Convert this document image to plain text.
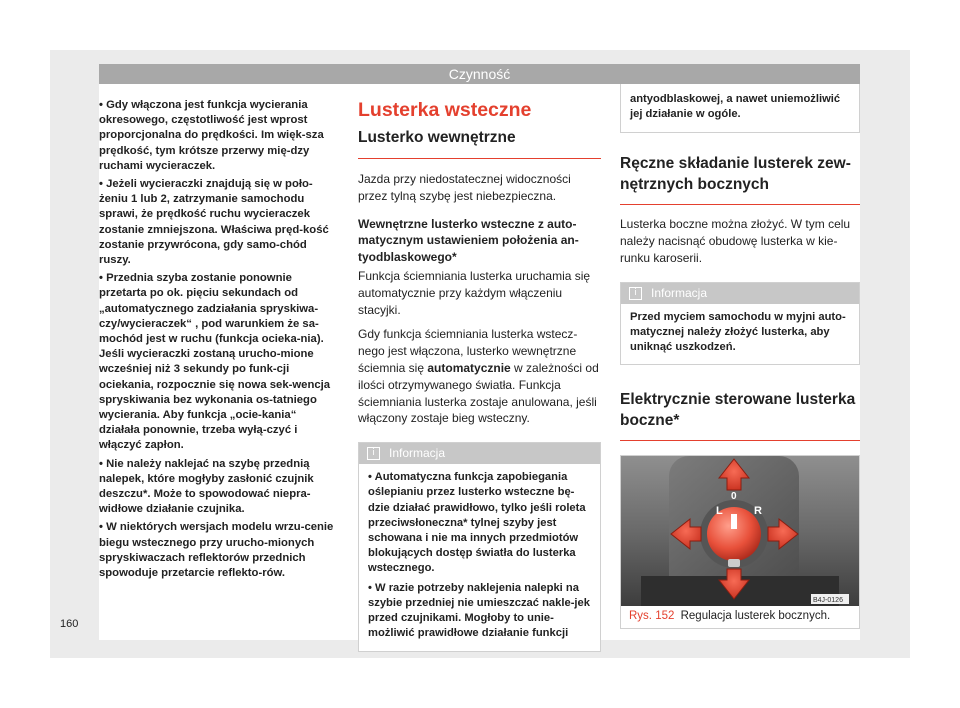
Czynność

• Gdy włączona jest funkcja wycierania okresowego, częstotliwość jest wprost proporcjonalna do prędkości. Im więk-sza prędkość, tym krótsze przerwy mię-dzy ruchami wycieraczek.

• Jeżeli wycieraczki znajdują się w poło-żeniu 1 lub 2, zatrzymanie samochodu sprawi, że prędkość ruchu wycieraczek zostanie zmniejszona. Właściwa pręd-kość zostanie przywrócona, gdy samo-chód ruszy.

• Przednia szyba zostanie ponownie przetarta po ok. pięciu sekundach od „automatycznego zadziałania spryskiwa-czy/wycieraczek“ , pod warunkiem że sa-mochód jest w ruchu (funkcja ocieka-nia). Jeśli wycieraczki zostaną urucho-mione wcześniej niż 3 sekundy po funk-cji ociekania, rozpocznie się nowa sek-wencja spryskiwania bez wykonania os-tatniego wycierania. Aby funkcja „ocie-kania“ działała ponownie, trzeba wyłą-czyć i włączyć zapłon.

• Nie należy naklejać na szybę przednią nalepek, które mogłyby zasłonić czujnik deszczu*. Może to spowodować niepra-widłowe działanie czujnika.

• W niektórych wersjach modelu wrzu-cenie biegu wstecznego przy urucho-mionych spryskiwaczach reflektorów przednich spowoduje przetarcie reflekto-rów.

Lusterka wsteczne
Lusterko wewnętrzne
Jazda przy niedostatecznej widoczności przez tylną szybę jest niebezpieczna.
Wewnętrzne lusterko wsteczne z auto-matycznym ustawieniem położenia an-tyodblaskowego*
Funkcja ściemniania lusterka uruchamia się automatycznie przy każdym włączeniu stacyjki.
Gdy funkcja ściemniania lusterka wstecz-nego jest włączona, lusterko wewnętrzne ściemnia się automatycznie w zależności od ilości otrzymywanego światła. Funkcja ściemniania lusterka zostaje anulowana, jeśli włączony zostaje bieg wsteczny.
i	Informacja

• Automatyczna funkcja zapobiegania oślepianiu przez lusterko wsteczne bę-dzie działać prawidłowo, tylko jeśli roleta przeciwsłoneczna* tylnej szyby jest schowana i nie ma innych przedmiotów blokujących dostęp światła do lusterka wstecznego.

• W razie potrzeby naklejenia nalepki na szybie przedniej nie umieszczać nakle-jek przed czujnikami. Mogłoby to unie-możliwić prawidłowe działanie funkcji

antyodblaskowej, a nawet uniemożliwić jej działanie w ogóle.
Ręczne składanie lusterek zew-nętrznych bocznych
Lusterka boczne można złożyć. W tym celu należy nacisnąć obudowę lusterka w kie-runku karoserii.
i	Informacja
Przed myciem samochodu w myjni auto-matycznej należy złożyć lusterka, aby uniknąć uszkodzeń.
Elektrycznie sterowane lusterka boczne*
L
0
R
B4J-0126
Rys. 152 Regulacja lusterek bocznych.
160
